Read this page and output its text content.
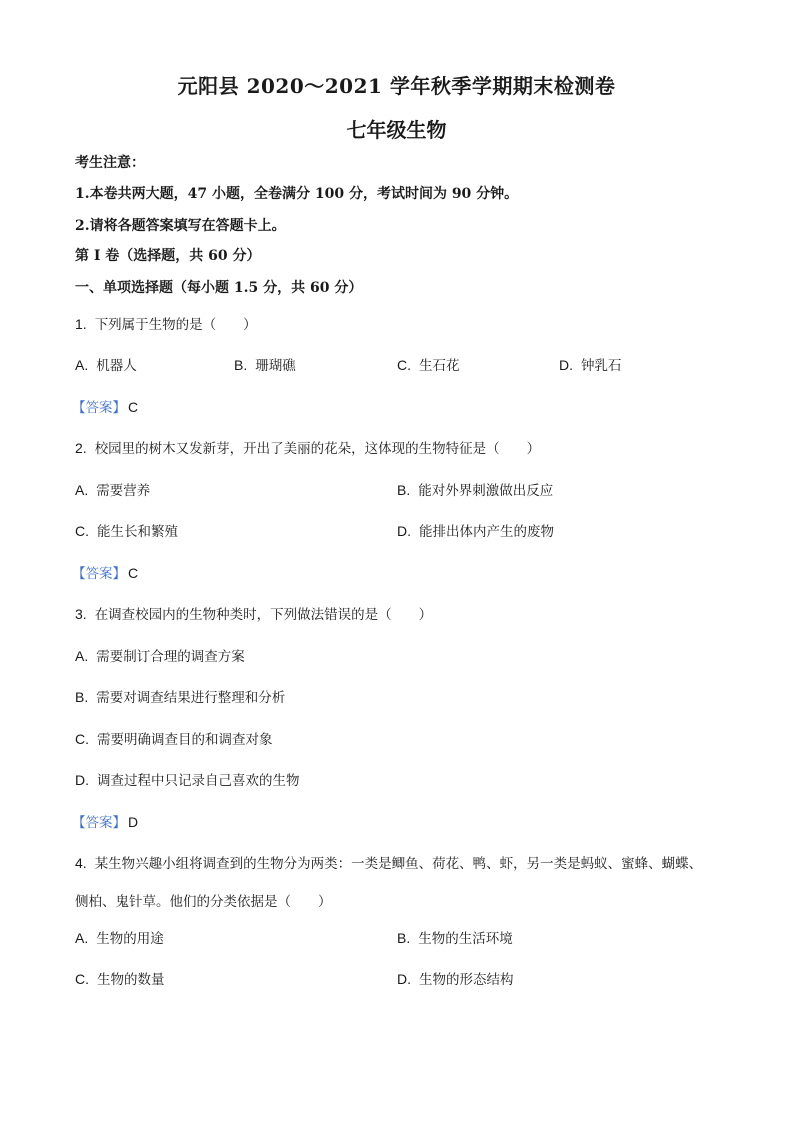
元阳县 2020～2021 学年秋季学期期末检测卷
七年级生物
考生注意：
1.本卷共两大题，47 小题，全卷满分 100 分，考试时间为 90 分钟。
2.请将各题答案填写在答题卡上。
第 I 卷（选择题，共 60 分）
一、单项选择题（每小题 1.5 分，共 60 分）
1. 下列属于生物的是（　　）
A. 机器人	B. 珊瑚礁	C. 生石花	D. 钟乳石
【答案】 C
2. 校园里的树木又发新芽，开出了美丽的花朵，这体现的生物特征是（　　）
A. 需要营养	B. 能对外界刺激做出反应
C. 能生长和繁殖	D. 能排出体内产生的废物
【答案】 C
3. 在调查校园内的生物种类时，下列做法错误的是（　　）
A. 需要制订合理的调查方案
B. 需要对调查结果进行整理和分析
C. 需要明确调查目的和调查对象
D. 调查过程中只记录自己喜欢的生物
【答案】 D
4. 某生物兴趣小组将调查到的生物分为两类：一类是鲫鱼、荷花、鸭、虾，另一类是蚂蚁、蜜蜂、蝴蝶、
侧柏、鬼针草。他们的分类依据是（　　）
A. 生物的用途	B. 生物的生活环境
C. 生物的数量	D. 生物的形态结构
